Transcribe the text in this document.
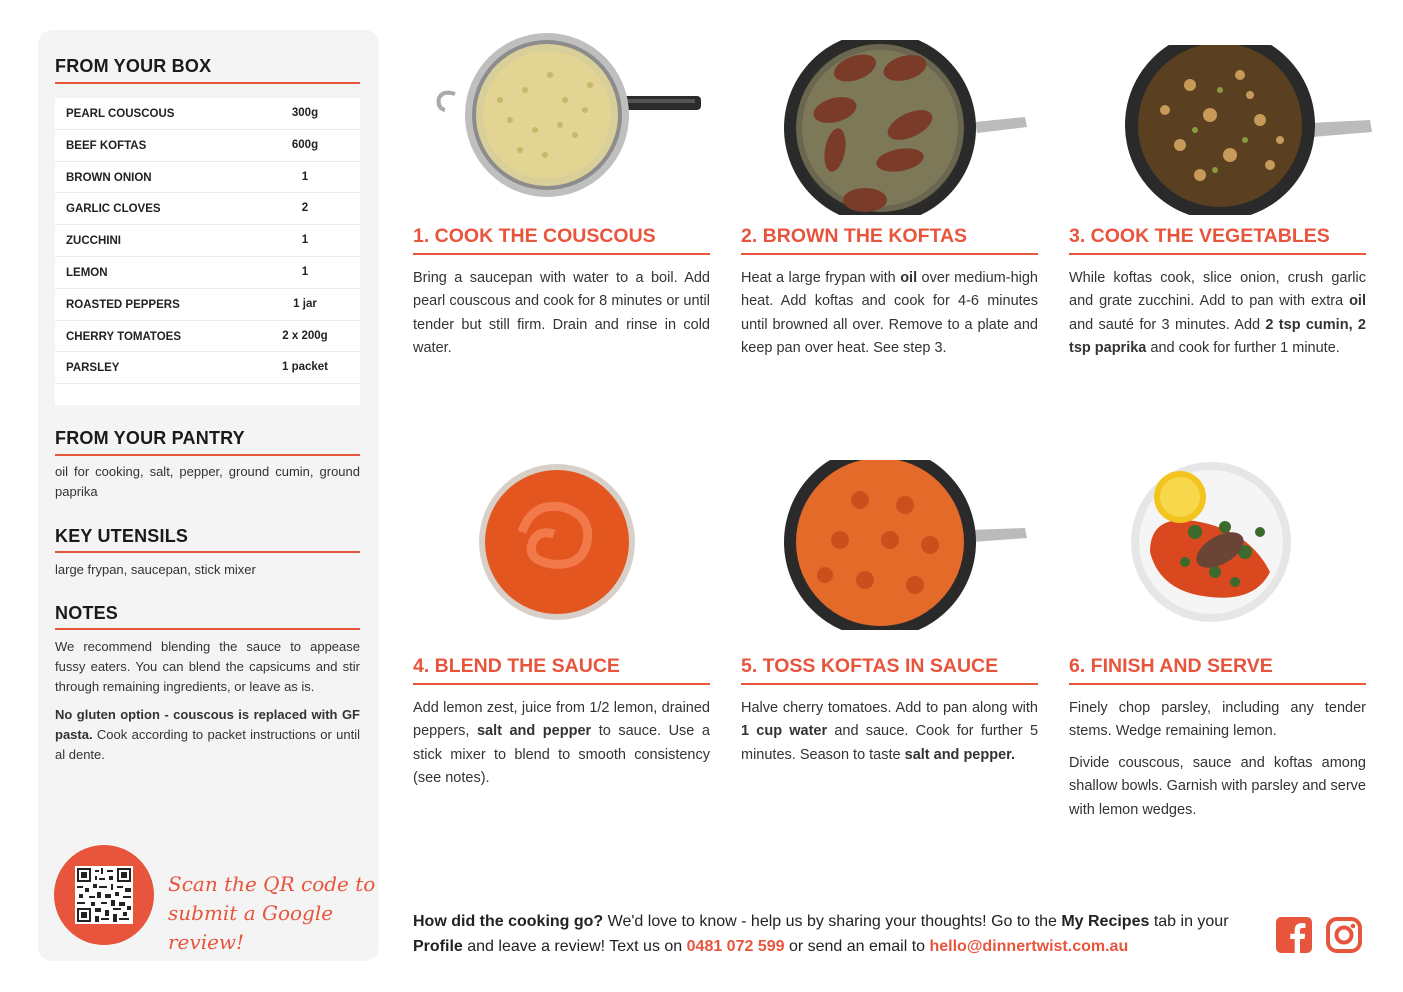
FROM YOUR BOX
PEARL COUSCOUS	300g
BEEF KOFTAS	600g
BROWN ONION	1
GARLIC CLOVES	2
ZUCCHINI	1
LEMON	1
ROASTED PEPPERS	1 jar
CHERRY TOMATOES	2 x 200g
PARSLEY	1 packet
FROM YOUR PANTRY
oil for cooking, salt, pepper, ground cumin, ground paprika
KEY UTENSILS
large frypan, saucepan, stick mixer
NOTES

We recommend blending the sauce to appease fussy eaters. You can blend the capsicums and stir through remaining ingredients, or leave as is.

No gluten option - couscous is replaced with GF pasta. Cook according to packet instructions or until al dente.

Scan the QR code to
submit a Google review!
1. COOK THE COUSCOUS

Bring a saucepan with water to a boil. Add pearl couscous and cook for 8 minutes or until tender but still firm. Drain and rinse in cold water.

2. BROWN THE KOFTAS

Heat a large frypan with oil over medium-high heat. Add koftas and cook for 4-6 minutes until browned all over. Remove to a plate and keep pan over heat. See step 3.

3. COOK THE VEGETABLES

While koftas cook, slice onion, crush garlic and grate zucchini. Add to pan with extra oil and sauté for 3 minutes. Add 2 tsp cumin, 2 tsp paprika and cook for further 1 minute.

4. BLEND THE SAUCE

Add lemon zest, juice from 1/2 lemon, drained peppers, salt and pepper to sauce. Use a stick mixer to blend to smooth consistency (see notes).

5. TOSS KOFTAS IN SAUCE

Halve cherry tomatoes. Add to pan along with 1 cup water and sauce. Cook for further 5 minutes. Season to taste salt and pepper.

6. FINISH AND SERVE

Finely chop parsley, including any tender stems. Wedge remaining lemon.

Divide couscous, sauce and koftas among shallow bowls. Garnish with parsley and serve with lemon wedges.

How did the cooking go? We'd love to know - help us by sharing your thoughts! Go to the My Recipes tab in your Profile and leave a review! Text us on 0481 072 599 or send an email to hello@dinnertwist.com.au
